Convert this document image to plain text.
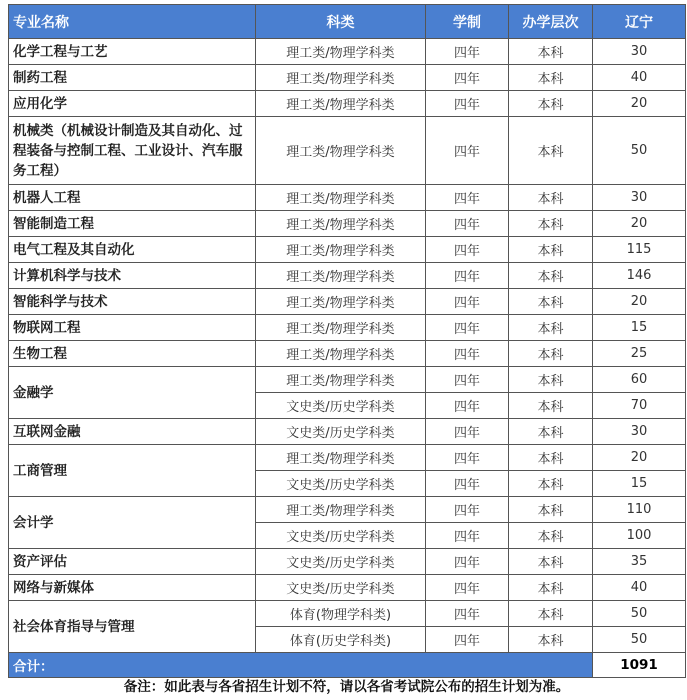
专业名称	科类	学制	办学层次	辽宁
化学工程与工艺	理工类/物理学科类	四年	本科	30
制药工程	理工类/物理学科类	四年	本科	40
应用化学	理工类/物理学科类	四年	本科	20
机械类（机械设计制造及其自动化、过程装备与控制工程、工业设计、汽车服务工程）	理工类/物理学科类	四年	本科	50
机器人工程	理工类/物理学科类	四年	本科	30
智能制造工程	理工类/物理学科类	四年	本科	20
电气工程及其自动化	理工类/物理学科类	四年	本科	115
计算机科学与技术	理工类/物理学科类	四年	本科	146
智能科学与技术	理工类/物理学科类	四年	本科	20
物联网工程	理工类/物理学科类	四年	本科	15
生物工程	理工类/物理学科类	四年	本科	25
金融学	理工类/物理学科类	四年	本科	60
	文史类/历史学科类	四年	本科	70
互联网金融	文史类/历史学科类	四年	本科	30
工商管理	理工类/物理学科类	四年	本科	20
	文史类/历史学科类	四年	本科	15
会计学	理工类/物理学科类	四年	本科	110
	文史类/历史学科类	四年	本科	100
资产评估	文史类/历史学科类	四年	本科	35
网络与新媒体	文史类/历史学科类	四年	本科	40
社会体育指导与管理	体育(物理学科类)	四年	本科	50
	体育(历史学科类)	四年	本科	50
合计：				1091
备注：如此表与各省招生计划不符，请以各省考试院公布的招生计划为准。
